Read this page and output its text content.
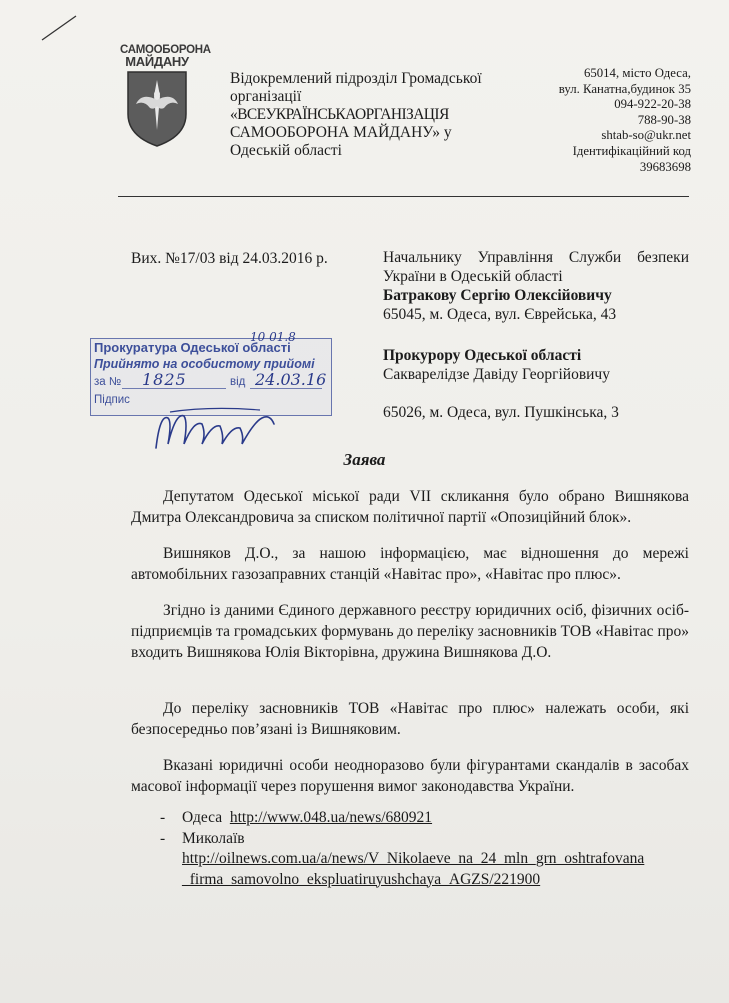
САМООБОРОНА
МАЙДАНУ
Відокремлений підрозділ Громадської
організації
«ВСЕУКРАЇНСЬКАОРГАНІЗАЦІЯ
САМООБОРОНА МАЙДАНУ» у
Одеській області
65014, місто Одеса,
вул. Канатна,будинок 35
094-922-20-38
788-90-38
shtab-so@ukr.net
Ідентифікаційний код
39683698
Вих. №17/03 від 24.03.2016 р.	Начальнику Управління Служби безпеки
України в Одеській області
Батракову Сергію Олексійовичу
65045, м. Одеса, вул. Єврейська, 43
Прокурору Одеської області
Сакварелідзе Давіду Георгійовичу
65026, м. Одеса, вул. Пушкінська, 3
10 01.8
Прокуратура Одеської області
Прийнято на особистому прийомі
за № 1825	від 24.03.16
Підпис
Заява

Депутатом Одеської міської ради VII скликання було обрано Вишнякова Дмитра Олександровича за списком політичної партії «Опозиційний блок».

Вишняков Д.О., за нашою інформацією, має відношення до мережі автомобільних газозаправних станцій «Навітас про», «Навітас про плюс».

Згідно із даними Єдиного державного реєстру юридичних осіб, фізичних осіб-підприємців та громадських формувань до переліку засновників ТОВ «Навітас про» входить Вишнякова Юлія Вікторівна, дружина Вишнякова Д.О.

До переліку засновників ТОВ «Навітас про плюс» належать особи, які безпосередньо пов’язані із Вишняковим.

Вказані юридичні особи неодноразово були фігурантами скандалів в засобах масової інформації через порушення вимог законодавства України.

- Одеса http://www.048.ua/news/680921
- Миколаїв
http://oilnews.com.ua/a/news/V_Nikolaeve_na_24_mln_grn_oshtrafovana
_firma_samovolno_ekspluatiruyushchaya_AGZS/221900
